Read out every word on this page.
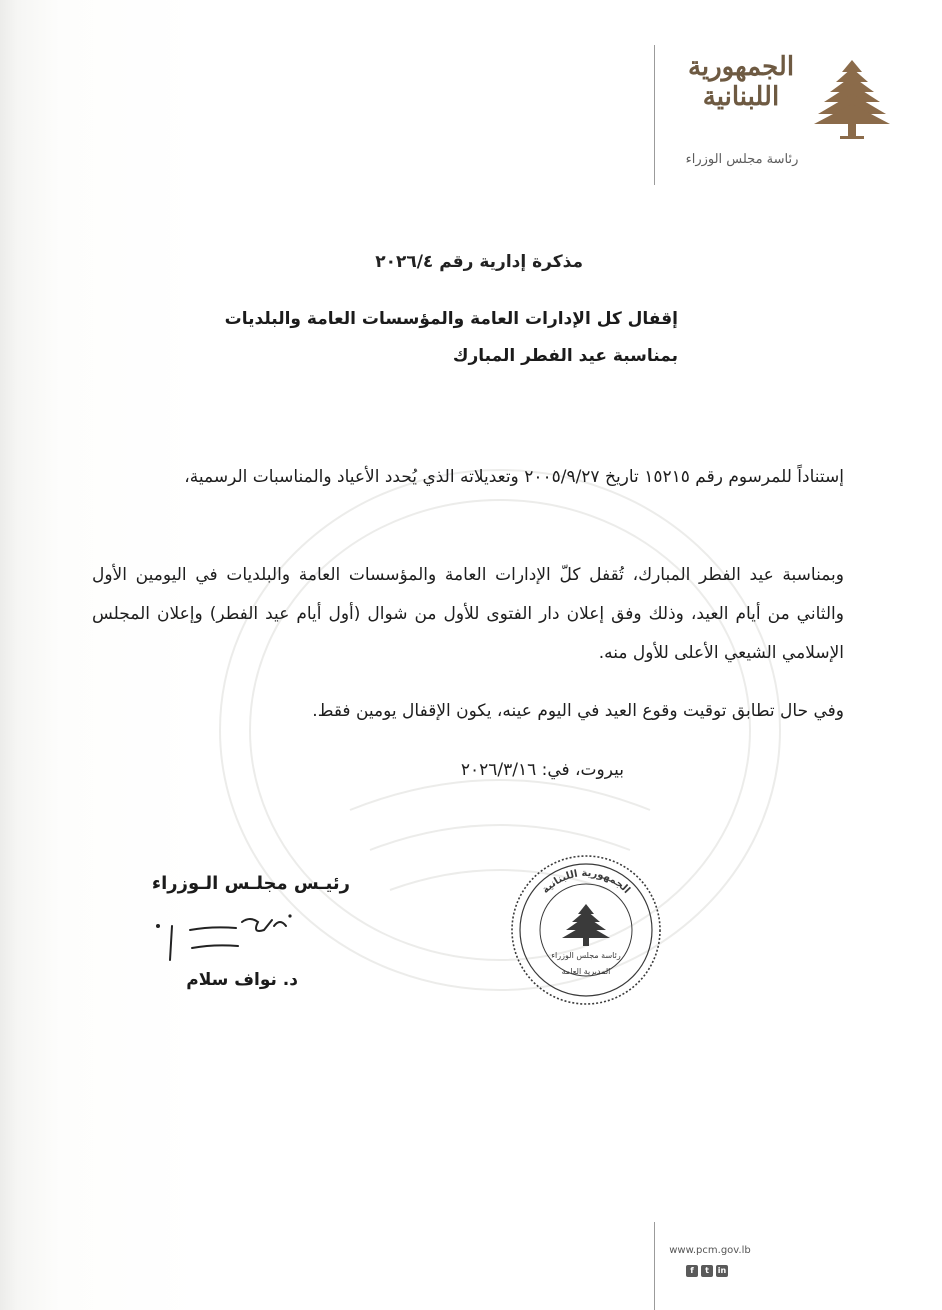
الجمهورية
اللبنانية
رئاسة مجلس الوزراء
مذكرة إدارية رقم ٢٠٢٦/٤
إقفال كل الإدارات العامة والمؤسسات العامة والبلديات
بمناسبة عيد الفطر المبارك
إستناداً للمرسوم رقم ١٥٢١٥ تاريخ ٢٠٠٥/٩/٢٧ وتعديلاته الذي يُحدد الأعياد والمناسبات الرسمية،
وبمناسبة عيد الفطر المبارك، تُقفل كلّ الإدارات العامة والمؤسسات العامة والبلديات في اليومين الأول والثاني من أيام العيد، وذلك وفق إعلان دار الفتوى للأول من شوال (أول أيام عيد الفطر) وإعلان المجلس الإسلامي الشيعي الأعلى للأول منه.
وفي حال تطابق توقيت وقوع العيد في اليوم عينه، يكون الإقفال يومين فقط.
بيروت، في: ٢٠٢٦/٣/١٦
رئيـس مجلـس الـوزراء
د. نواف سلام
الجمهورية اللبنانية
رئاسة مجلس الوزراء
المديرية العامة
www.pcm.gov.lb
f	t	in
